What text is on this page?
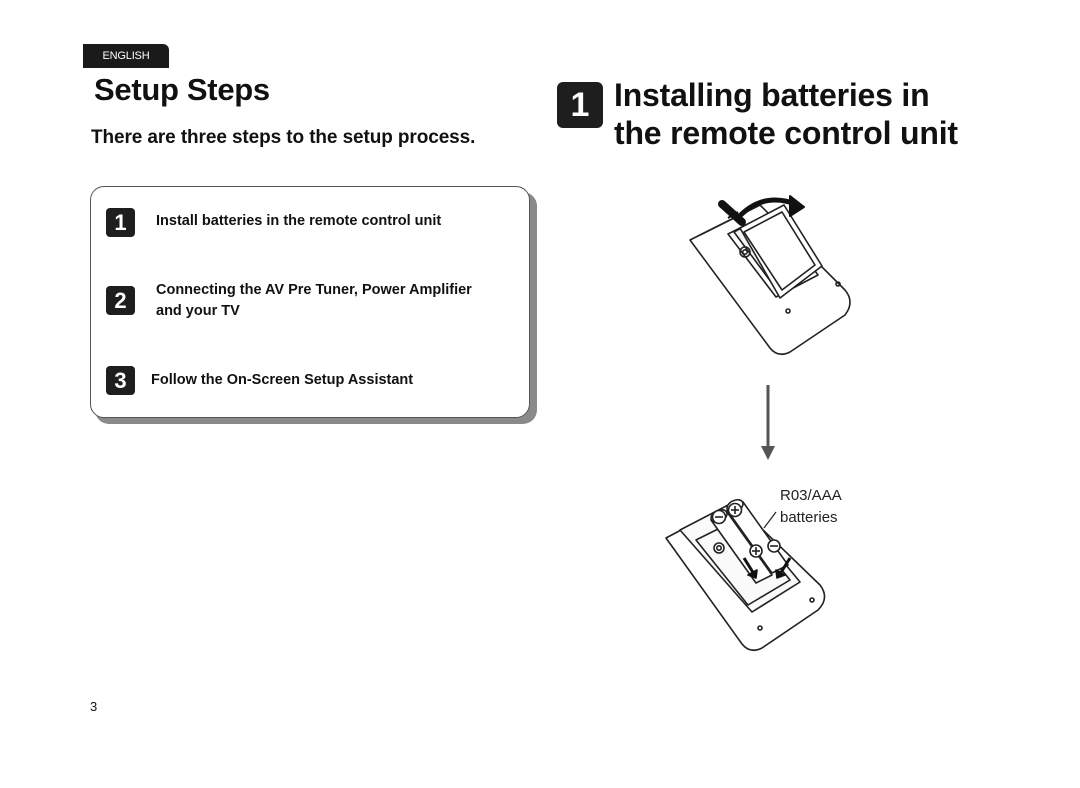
ENGLISH
Setup Steps
There are three steps to the setup process.
1	Install batteries in the remote control unit
2	Connecting the AV Pre Tuner, Power Amplifier
and your TV
3	Follow the On-Screen Setup Assistant
1 Installing batteries in
the remote control unit
R03/AAA
batteries
3
